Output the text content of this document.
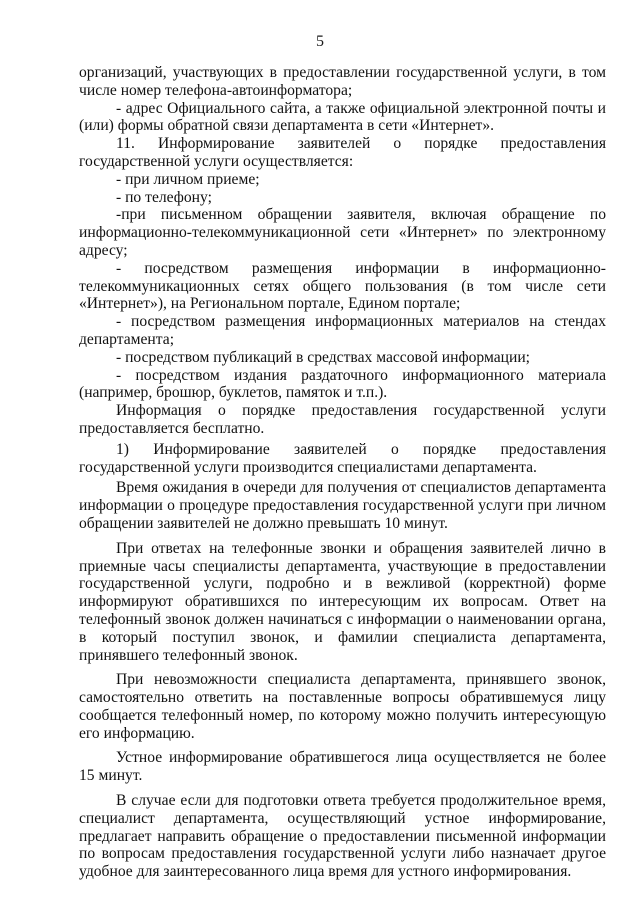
5

организаций, участвующих в предоставлении государственной услуги, в том числе номер телефона-автоинформатора;

- адрес Официального сайта, а также официальной электронной почты и (или) формы обратной связи департамента в сети «Интернет».

11. Информирование заявителей о порядке предоставления государственной услуги осуществляется:

- при личном приеме;

- по телефону;

-при письменном обращении заявителя, включая обращение по информационно-телекоммуникационной сети «Интернет» по электронному адресу;

- посредством размещения информации в информационно-телекоммуникационных сетях общего пользования (в том числе сети «Интернет»), на Региональном портале, Едином портале;

- посредством размещения информационных материалов на стендах департамента;

- посредством публикаций в средствах массовой информации;

- посредством издания раздаточного информационного материала (например, брошюр, буклетов, памяток и т.п.).

Информация о порядке предоставления государственной услуги предоставляется бесплатно.

1) Информирование заявителей о порядке предоставления государственной услуги производится специалистами департамента.

Время ожидания в очереди для получения от специалистов департамента информации о процедуре предоставления государственной услуги при личном обращении заявителей не должно превышать 10 минут.

При ответах на телефонные звонки и обращения заявителей лично в приемные часы специалисты департамента, участвующие в предоставлении государственной услуги, подробно и в вежливой (корректной) форме информируют обратившихся по интересующим их вопросам. Ответ на телефонный звонок должен начинаться с информации о наименовании органа, в который поступил звонок, и фамилии специалиста департамента, принявшего телефонный звонок.

При невозможности специалиста департамента, принявшего звонок, самостоятельно ответить на поставленные вопросы обратившемуся лицу сообщается телефонный номер, по которому можно получить интересующую его информацию.

Устное информирование обратившегося лица осуществляется не более 15 минут.

В случае если для подготовки ответа требуется продолжительное время, специалист департамента, осуществляющий устное информирование, предлагает направить обращение о предоставлении письменной информации по вопросам предоставления государственной услуги либо назначает другое удобное для заинтересованного лица время для устного информирования.
